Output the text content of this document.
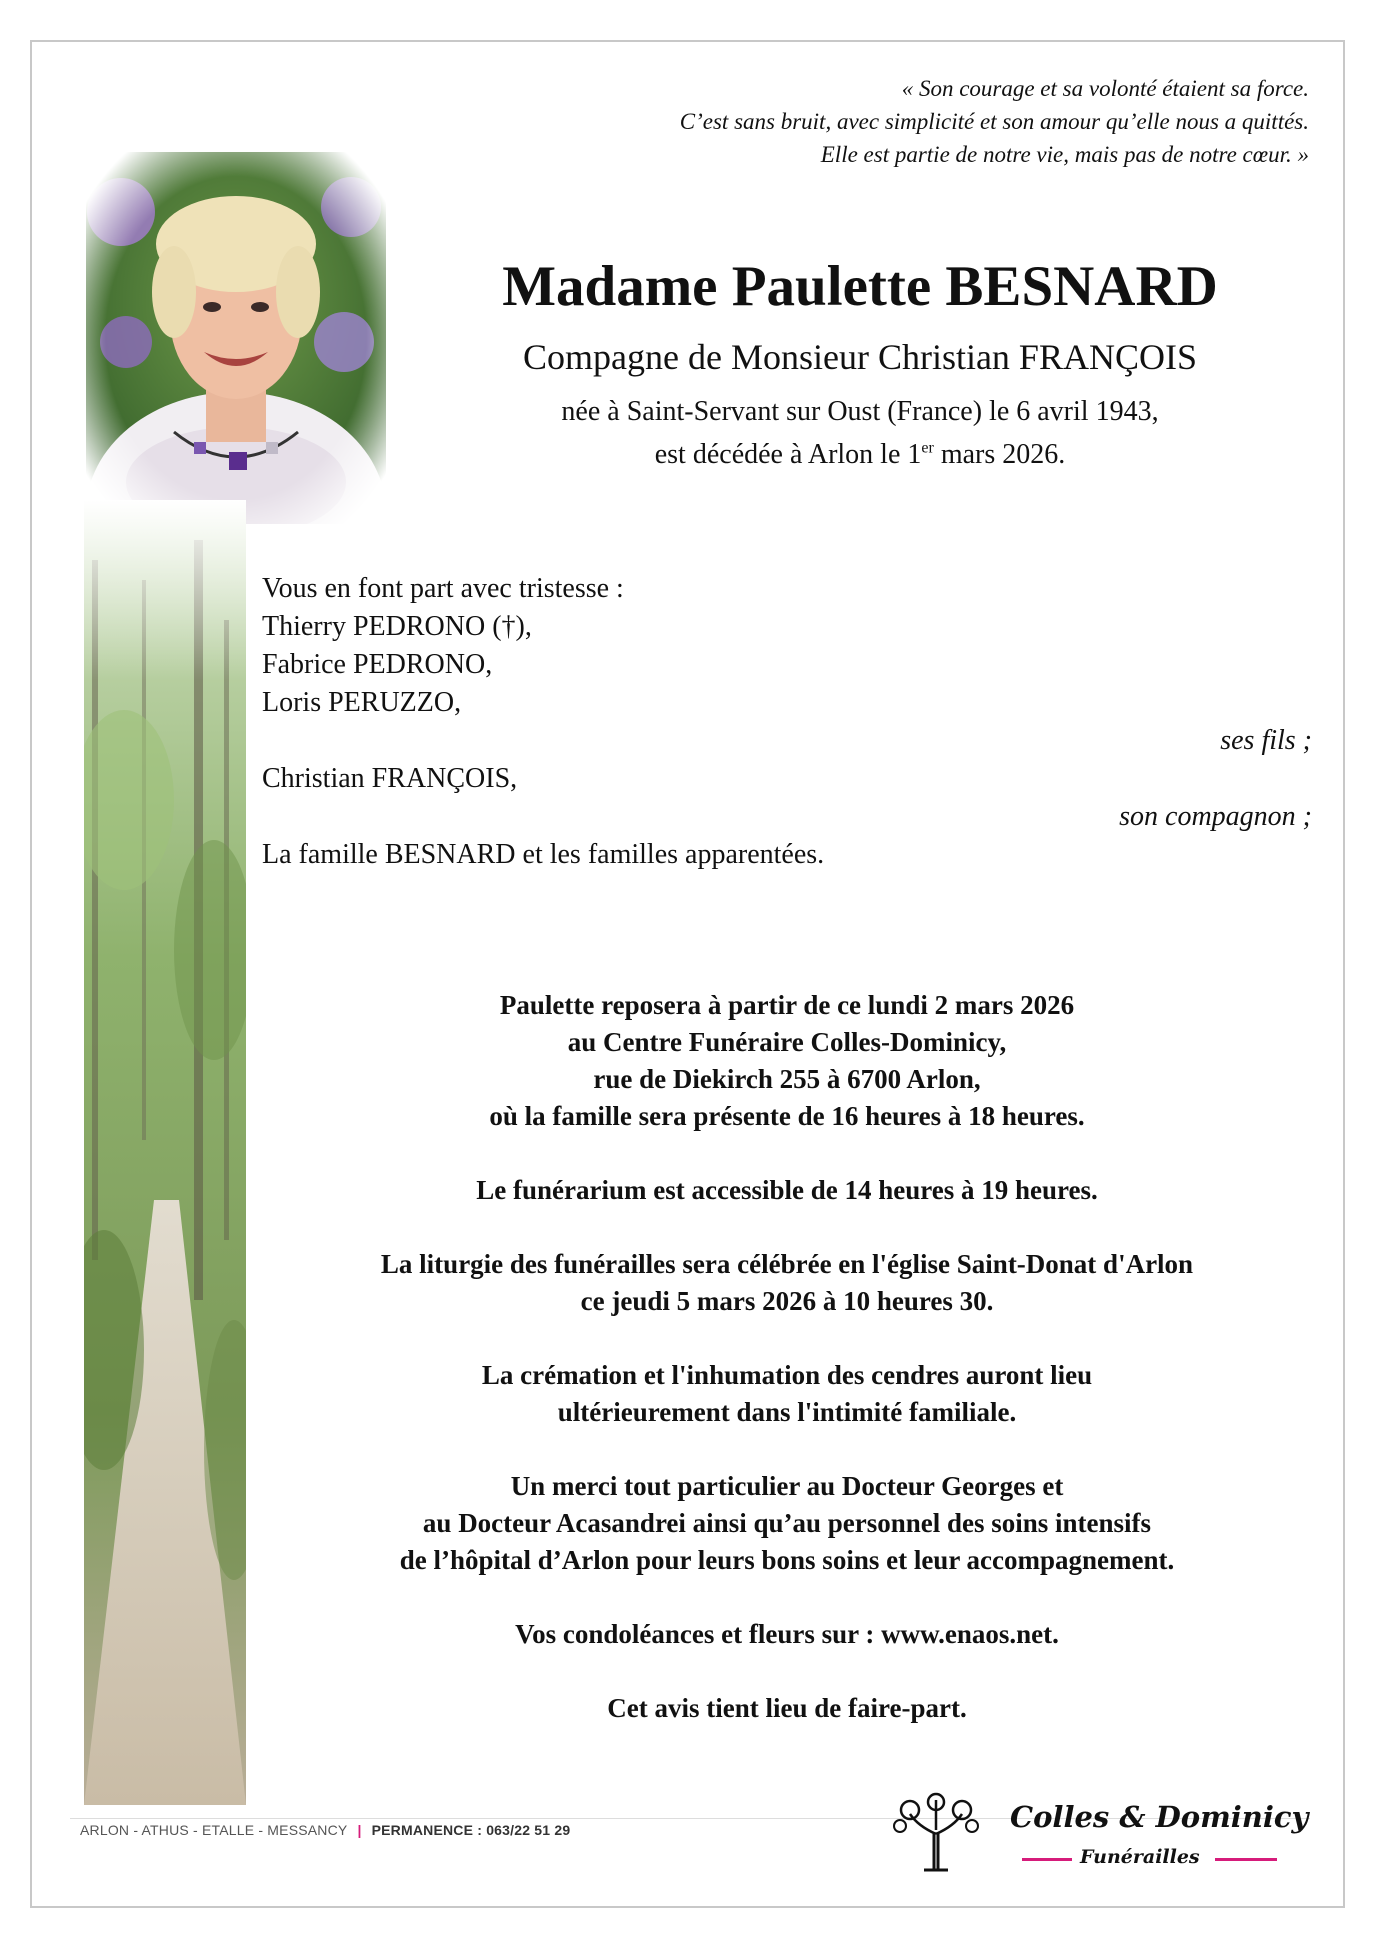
« Son courage et sa volonté étaient sa force.
C’est sans bruit, avec simplicité et son amour qu’elle nous a quittés.
Elle est partie de notre vie, mais pas de notre cœur. »
Madame Paulette BESNARD
Compagne de Monsieur Christian FRANÇOIS
née à Saint-Servant sur Oust (France) le 6 avril 1943,
est décédée à Arlon le 1er mars 2026.
Vous en font part avec tristesse :
Thierry PEDRONO (†),
Fabrice PEDRONO,
Loris PERUZZO,
ses fils ;
Christian FRANÇOIS,
son compagnon ;
La famille BESNARD et les familles apparentées.

Paulette reposera à partir de ce lundi 2 mars 2026
au Centre Funéraire Colles-Dominicy,
rue de Diekirch 255 à 6700 Arlon,
où la famille sera présente de 16 heures à 18 heures.

Le funérarium est accessible de 14 heures à 19 heures.

La liturgie des funérailles sera célébrée en l'église Saint-Donat d'Arlon
ce jeudi 5 mars 2026 à 10 heures 30.

La crémation et l'inhumation des cendres auront lieu
ultérieurement dans l'intimité familiale.

Un merci tout particulier au Docteur Georges et
au Docteur Acasandrei ainsi qu’au personnel des soins intensifs
de l’hôpital d’Arlon pour leurs bons soins et leur accompagnement.

Vos condoléances et fleurs sur : www.enaos.net.

Cet avis tient lieu de faire-part.

ARLON - ATHUS - ETALLE - MESSANCY | PERMANENCE : 063/22 51 29	Colles & Dominicy
Funérailles
